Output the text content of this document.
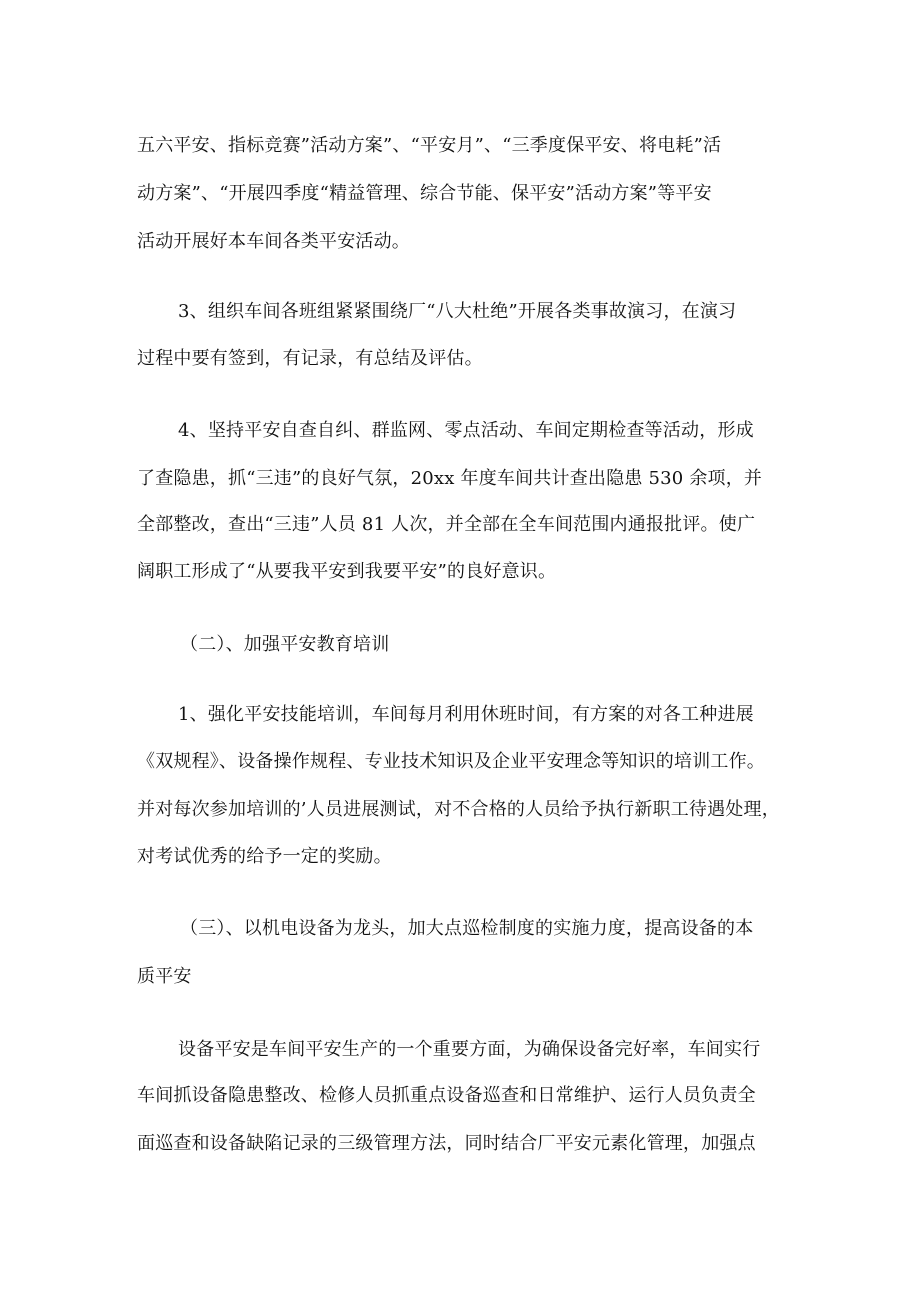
五六平安、指标竞赛”活动方案”、“平安月”、“三季度保平安、将电耗”活
动方案”、“开展四季度“精益管理、综合节能、保平安”活动方案”等平安
活动开展好本车间各类平安活动。
3、组织车间各班组紧紧围绕厂“八大杜绝”开展各类事故演习，在演习
过程中要有签到，有记录，有总结及评估。
4、坚持平安自查自纠、群监网、零点活动、车间定期检查等活动，形成
了查隐患，抓“三违”的良好气氛，20xx 年度车间共计查出隐患 530 余项，并
全部整改，查出“三违”人员 81 人次，并全部在全车间范围内通报批评。使广
阔职工形成了“从要我平安到我要平安”的良好意识。
（二）、加强平安教育培训
1、强化平安技能培训，车间每月利用休班时间，有方案的对各工种进展
《双规程》、设备操作规程、专业技术知识及企业平安理念等知识的培训工作。
并对每次参加培训的’人员进展测试，对不合格的人员给予执行新职工待遇处理，
对考试优秀的给予一定的奖励。
（三）、以机电设备为龙头，加大点巡检制度的实施力度，提高设备的本
质平安
设备平安是车间平安生产的一个重要方面，为确保设备完好率，车间实行
车间抓设备隐患整改、检修人员抓重点设备巡查和日常维护、运行人员负责全
面巡查和设备缺陷记录的三级管理方法，同时结合厂平安元素化管理，加强点
